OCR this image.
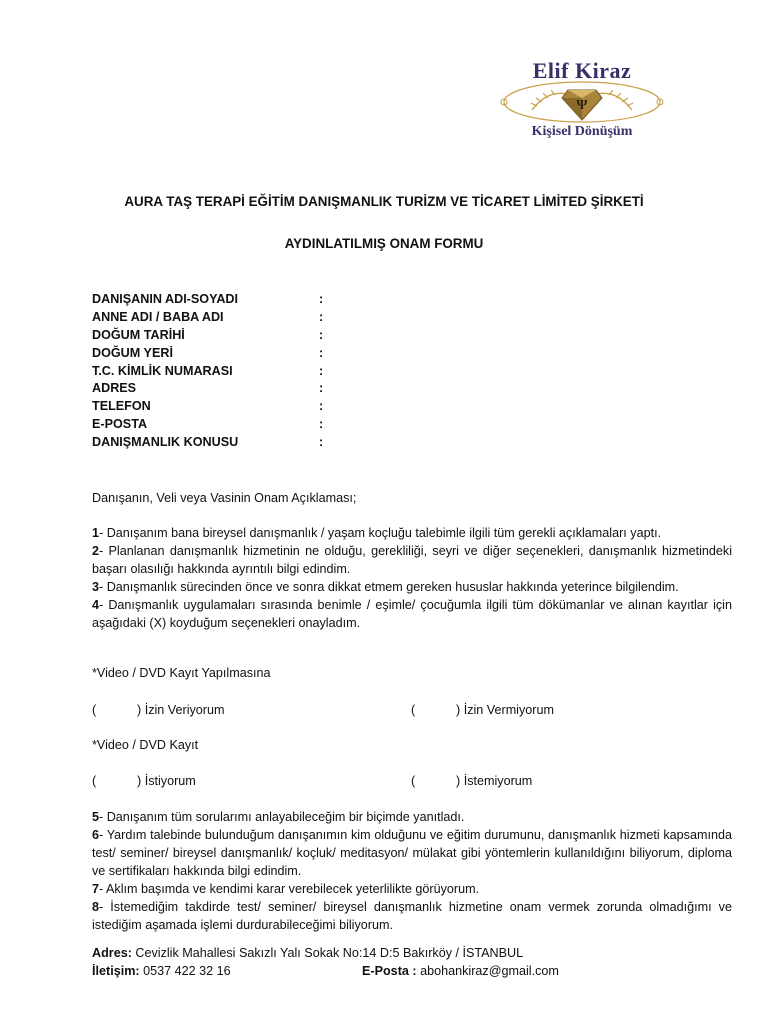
Elif Kiraz
Ψ
Kişisel Dönüşüm
AURA TAŞ TERAPİ EĞİTİM DANIŞMANLIK TURİZM VE TİCARET LİMİTED ŞİRKETİ
AYDINLATILMIŞ ONAM FORMU
DANIŞANIN ADI-SOYADI	:
ANNE ADI / BABA ADI	:
DOĞUM TARİHİ	:
DOĞUM YERİ	:
T.C. KİMLİK NUMARASI	:
ADRES	:
TELEFON	:
E-POSTA	:
DANIŞMANLIK KONUSU	:
Danışanın, Veli veya Vasinin Onam Açıklaması;
1- Danışanım bana bireysel danışmanlık / yaşam koçluğu talebimle ilgili tüm gerekli açıklamaları yaptı.
2- Planlanan danışmanlık hizmetinin ne olduğu, gerekliliği, seyri ve diğer seçenekleri, danışmanlık hizmetindeki başarı olasılığı hakkında ayrıntılı bilgi edindim.
3- Danışmanlık sürecinden önce ve sonra dikkat etmem gereken hususlar hakkında yeterince bilgilendim.
4- Danışmanlık uygulamaları sırasında benimle / eşimle/ çocuğumla ilgili tüm dökümanlar ve alınan kayıtlar için aşağıdaki (X) koyduğum seçenekleri onayladım.
*Video / DVD Kayıt Yapılmasına
(	) İzin Veriyorum	(	) İzin Vermiyorum
*Video / DVD Kayıt
(	) İstiyorum	(	) İstemiyorum
5- Danışanım tüm sorularımı anlayabileceğim bir biçimde yanıtladı.
6- Yardım talebinde bulunduğum danışanımın kim olduğunu ve eğitim durumunu, danışmanlık hizmeti kapsamında test/ seminer/ bireysel danışmanlık/ koçluk/ meditasyon/ mülakat gibi yöntemlerin kullanıldığını biliyorum, diploma ve sertifikaları hakkında bilgi edindim.
7- Aklım başımda ve kendimi karar verebilecek yeterlilikte görüyorum.
8- İstemediğim takdirde test/ seminer/ bireysel danışmanlık hizmetine onam vermek zorunda olmadığımı ve istediğim aşamada işlemi durdurabileceğimi biliyorum.
Adres: Cevizlik Mahallesi Sakızlı Yalı Sokak No:14 D:5 Bakırköy / İSTANBUL
İletişim: 0537 422 32 16	E-Posta : abohankiraz@gmail.com
